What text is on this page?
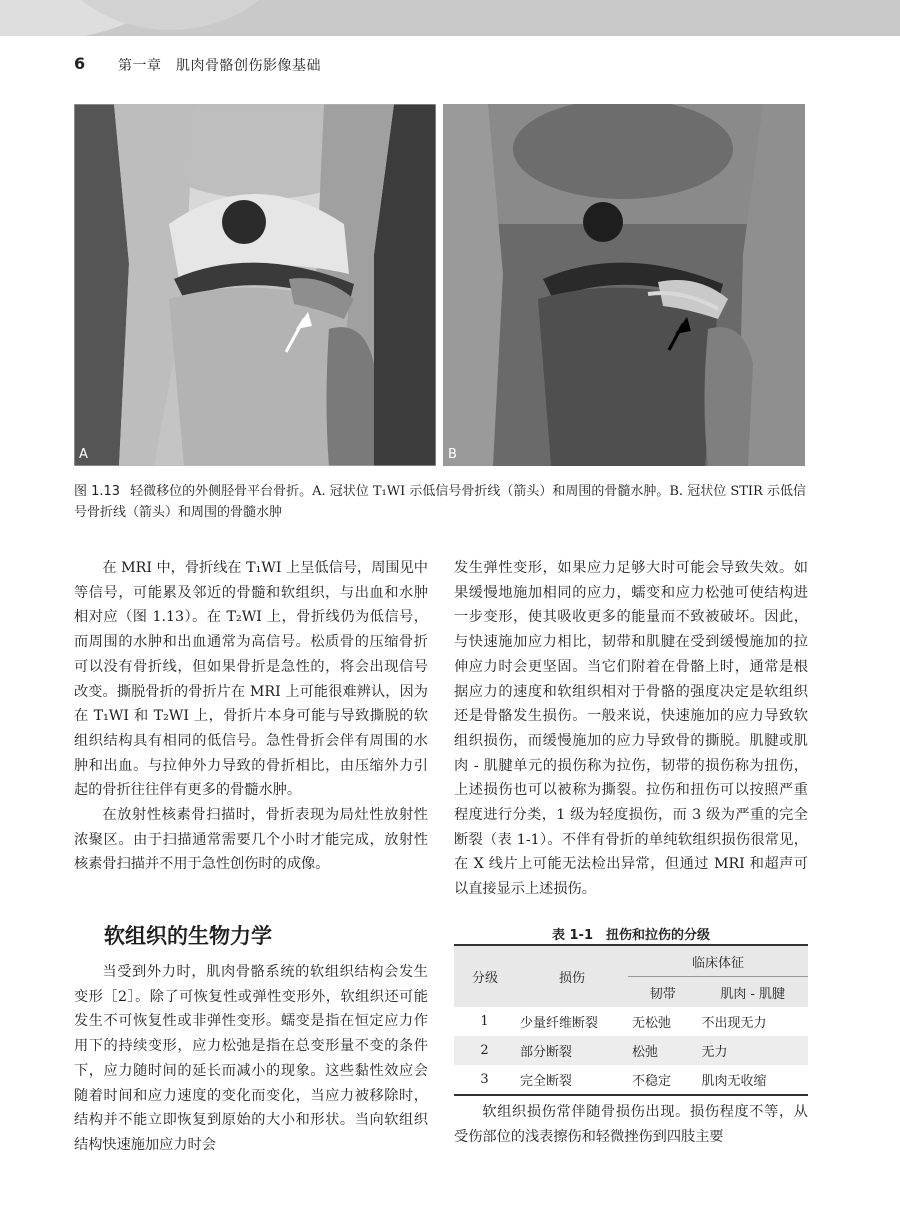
6 第一章　肌肉骨骼创伤影像基础
A	B
图 1.13 轻微移位的外侧胫骨平台骨折。A. 冠状位 T₁WI 示低信号骨折线（箭头）和周围的骨髓水肿。B. 冠状位 STIR 示低信号骨折线（箭头）和周围的骨髓水肿

在 MRI 中，骨折线在 T₁WI 上呈低信号，周围见中等信号，可能累及邻近的骨髓和软组织，与出血和水肿相对应（图 1.13）。在 T₂WI 上，骨折线仍为低信号，而周围的水肿和出血通常为高信号。松质骨的压缩骨折可以没有骨折线，但如果骨折是急性的，将会出现信号改变。撕脱骨折的骨折片在 MRI 上可能很难辨认，因为在 T₁WI 和 T₂WI 上，骨折片本身可能与导致撕脱的软组织结构具有相同的低信号。急性骨折会伴有周围的水肿和出血。与拉伸外力导致的骨折相比，由压缩外力引起的骨折往往伴有更多的骨髓水肿。

在放射性核素骨扫描时，骨折表现为局灶性放射性浓聚区。由于扫描通常需要几个小时才能完成，放射性核素骨扫描并不用于急性创伤时的成像。

软组织的生物力学

当受到外力时，肌肉骨骼系统的软组织结构会发生变形［2］。除了可恢复性或弹性变形外，软组织还可能发生不可恢复性或非弹性变形。蠕变是指在恒定应力作用下的持续变形，应力松弛是指在总变形量不变的条件下，应力随时间的延长而减小的现象。这些黏性效应会随着时间和应力速度的变化而变化，当应力被移除时，结构并不能立即恢复到原始的大小和形状。当向软组织结构快速施加应力时会

发生弹性变形，如果应力足够大时可能会导致失效。如果缓慢地施加相同的应力，蠕变和应力松弛可使结构进一步变形，使其吸收更多的能量而不致被破坏。因此，与快速施加应力相比，韧带和肌腱在受到缓慢施加的拉伸应力时会更坚固。当它们附着在骨骼上时，通常是根据应力的速度和软组织相对于骨骼的强度决定是软组织还是骨骼发生损伤。一般来说，快速施加的应力导致软组织损伤，而缓慢施加的应力导致骨的撕脱。肌腱或肌肉 - 肌腱单元的损伤称为拉伤，韧带的损伤称为扭伤，上述损伤也可以被称为撕裂。拉伤和扭伤可以按照严重程度进行分类，1 级为轻度损伤，而 3 级为严重的完全断裂（表 1-1）。不伴有骨折的单纯软组织损伤很常见，在 X 线片上可能无法检出异常，但通过 MRI 和超声可以直接显示上述损伤。

表 1-1　扭伤和拉伤的分级
分级	损伤	临床体征	
		韧带	肌肉 - 肌腱
1	少量纤维断裂	无松弛	不出现无力
2	部分断裂	松弛	无力
3	完全断裂	不稳定	肌肉无收缩

软组织损伤常伴随骨损伤出现。损伤程度不等，从受伤部位的浅表擦伤和轻微挫伤到四肢主要
